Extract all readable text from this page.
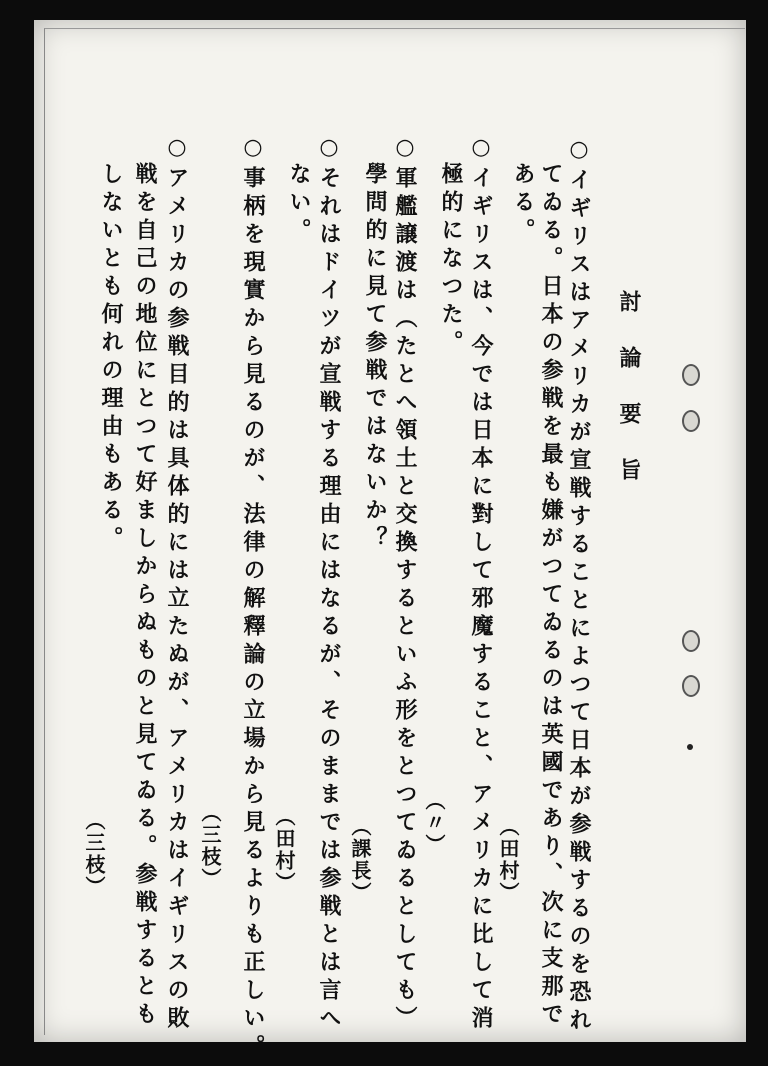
討論要旨
○イギリスはアメリカが宣戦することによつて日本が参戦するのを恐れ
てゐる。日本の参戦を最も嫌がつてゐるのは英國であり、次に支那で
ある。
（田村）
○イギリスは、今では日本に對して邪魔すること、アメリカに比して消
極的になつた。
（〃）
○軍艦譲渡は（たとへ領土と交換するといふ形をとつてゐるとしても）
學問的に見て参戦ではないか？
（課長）
○それはドイツが宣戦する理由にはなるが、そのままでは参戦とは言へ
ない。
（田村）
○事柄を現實から見るのが、法律の解釋論の立場から見るよりも正しい。
（三枝）
○アメリカの参戦目的は具体的には立たぬが、アメリカはイギリスの敗
戦を自己の地位にとつて好ましからぬものと見てゐる。参戦するとも
しないとも何れの理由もある。
（三枝）
